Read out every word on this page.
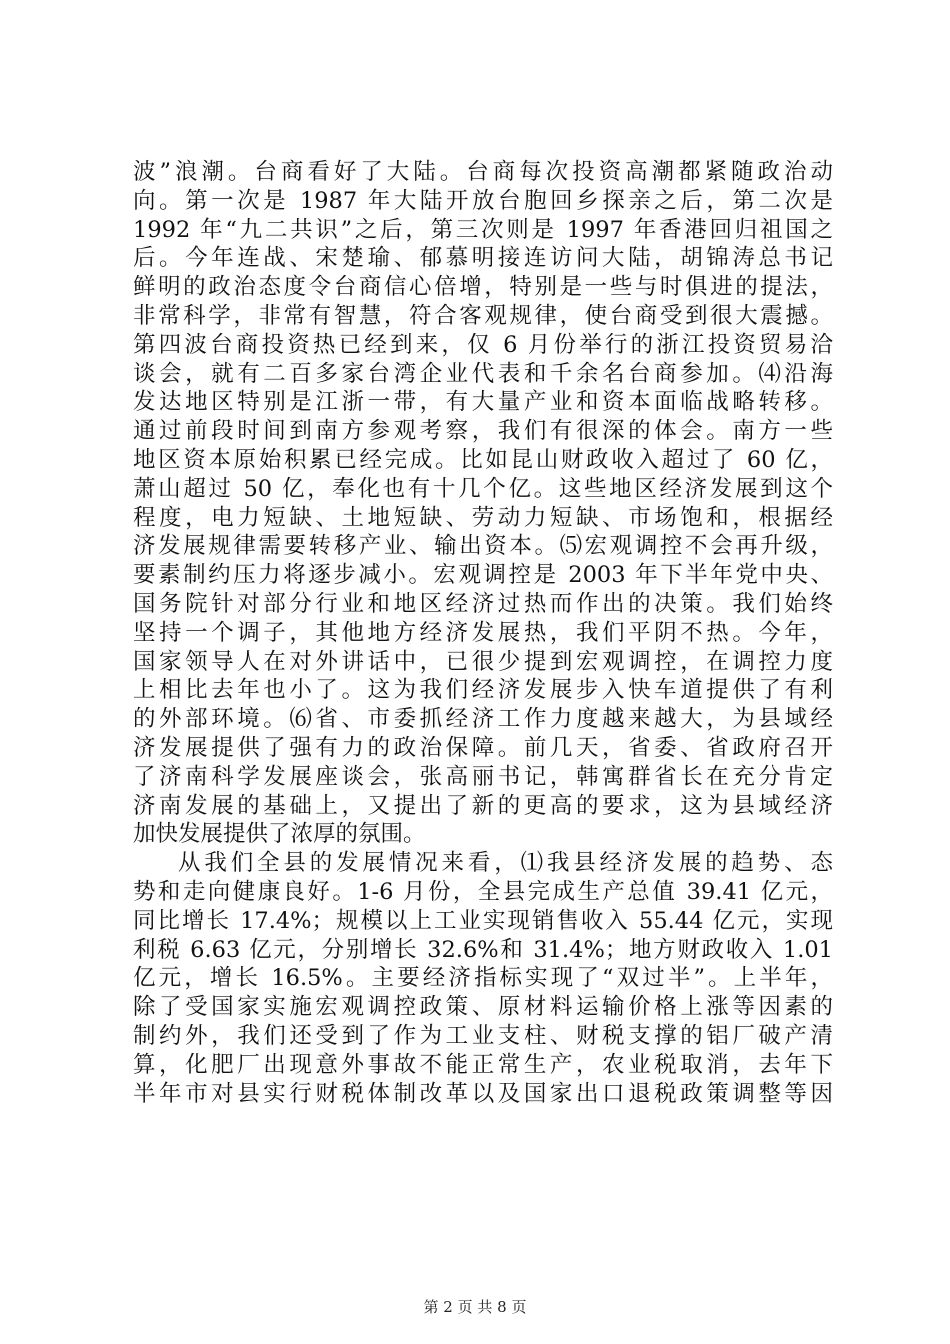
波”浪潮。台商看好了大陆。台商每次投资高潮都紧随政治动
向。第一次是 1987 年大陆开放台胞回乡探亲之后，第二次是
1992 年“九二共识”之后，第三次则是 1997 年香港回归祖国之
后。今年连战、宋楚瑜、郁慕明接连访问大陆，胡锦涛总书记
鲜明的政治态度令台商信心倍增，特别是一些与时俱进的提法，
非常科学，非常有智慧，符合客观规律，使台商受到很大震撼。
第四波台商投资热已经到来，仅 6 月份举行的浙江投资贸易洽
谈会，就有二百多家台湾企业代表和千余名台商参加。⑷沿海
发达地区特别是江浙一带，有大量产业和资本面临战略转移。
通过前段时间到南方参观考察，我们有很深的体会。南方一些
地区资本原始积累已经完成。比如昆山财政收入超过了 60 亿，
萧山超过 50 亿，奉化也有十几个亿。这些地区经济发展到这个
程度，电力短缺、土地短缺、劳动力短缺、市场饱和，根据经
济发展规律需要转移产业、输出资本。⑸宏观调控不会再升级，
要素制约压力将逐步减小。宏观调控是 2003 年下半年党中央、
国务院针对部分行业和地区经济过热而作出的决策。我们始终
坚持一个调子，其他地方经济发展热，我们平阴不热。今年，
国家领导人在对外讲话中，已很少提到宏观调控，在调控力度
上相比去年也小了。这为我们经济发展步入快车道提供了有利
的外部环境。⑹省、市委抓经济工作力度越来越大，为县域经
济发展提供了强有力的政治保障。前几天，省委、省政府召开
了济南科学发展座谈会，张高丽书记，韩寓群省长在充分肯定
济南发展的基础上，又提出了新的更高的要求，这为县域经济
加快发展提供了浓厚的氛围。
从我们全县的发展情况来看，⑴我县经济发展的趋势、态
势和走向健康良好。1-6 月份，全县完成生产总值 39.41 亿元，
同比增长 17.4%；规模以上工业实现销售收入 55.44 亿元，实现
利税 6.63 亿元，分别增长 32.6%和 31.4%；地方财政收入 1.01
亿元，增长 16.5%。主要经济指标实现了“双过半”。上半年，
除了受国家实施宏观调控政策、原材料运输价格上涨等因素的
制约外，我们还受到了作为工业支柱、财税支撑的铝厂破产清
算，化肥厂出现意外事故不能正常生产，农业税取消，去年下
半年市对县实行财税体制改革以及国家出口退税政策调整等因
第 2 页 共 8 页
